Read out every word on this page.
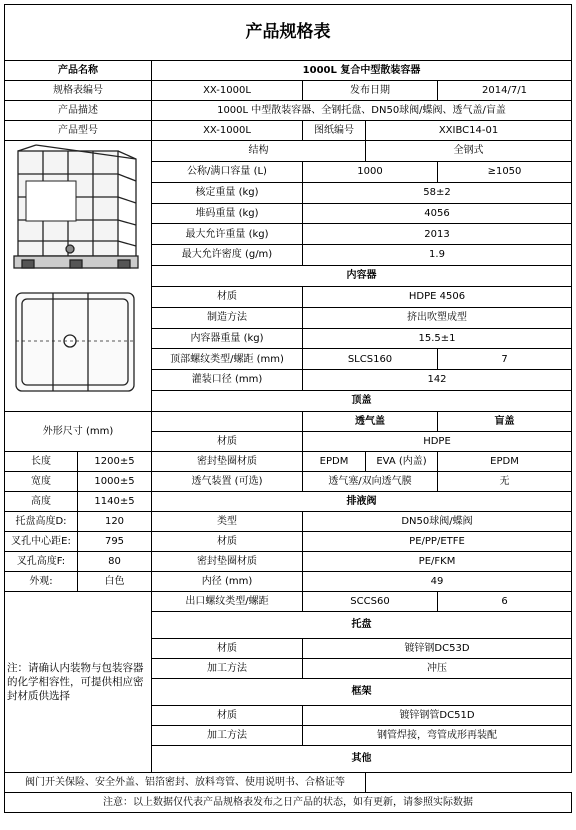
产品规格表					
产品名称		1000L 复合中型散装容器			
规格表编号		XX-1000L	发布日期		2014/7/1
产品描述		1000L 中型散装容器、全钢托盘、DN50球阀/蝶阀、透气盖/盲盖			
产品型号		XX-1000L	图纸编号	XXIBC14-01	

	结构		全钢式	
		公称/满口容量 (L)	1000		≥1050
		核定重量 (kg)	58±2		
		堆码重量 (kg)	4056		
		最大允许重量 (kg)	2013		
		最大允许密度 (g/m)	1.9		
		内容器			
		材质	HDPE 4506		
		制造方法	挤出吹塑成型		
		内容器重量 (kg)	15.5±1		
		顶部螺纹类型/螺距 (mm)	SLCS160		7
		灌装口径 (mm)	142		
		顶盖			
外形尺寸 (mm)			透气盖		盲盖
		材质	HDPE		
长度	1200±5	密封垫圈材质	EPDM	EVA (内盖)	EPDM
宽度	1000±5	透气装置 (可选)	透气塞/双向透气膜		无
高度	1140±5	排液阀			
托盘高度D:	120	类型	DN50球阀/蝶阀		
叉孔中心距E:	795	材质	PE/PP/ETFE		
叉孔高度F:	80	密封垫圈材质	PE/FKM		
外观:	白色	内径 (mm)	49		
注：请确认内装物与包装容器的化学相容性，可提供相应密封材质供选择		出口螺纹类型/螺距	SCCS60		6
		托盘			
		材质	镀锌钢DC53D		
		加工方法	冲压		
		框架			
		材质	镀锌钢管DC51D		
		加工方法	钢管焊接，弯管成形再装配		
		其他			
阀门开关保险、安全外盖、铝箔密封、放料弯管、使用说明书、合格证等					
注意：以上数据仅代表产品规格表发布之日产品的状态，如有更新，请参照实际数据					
